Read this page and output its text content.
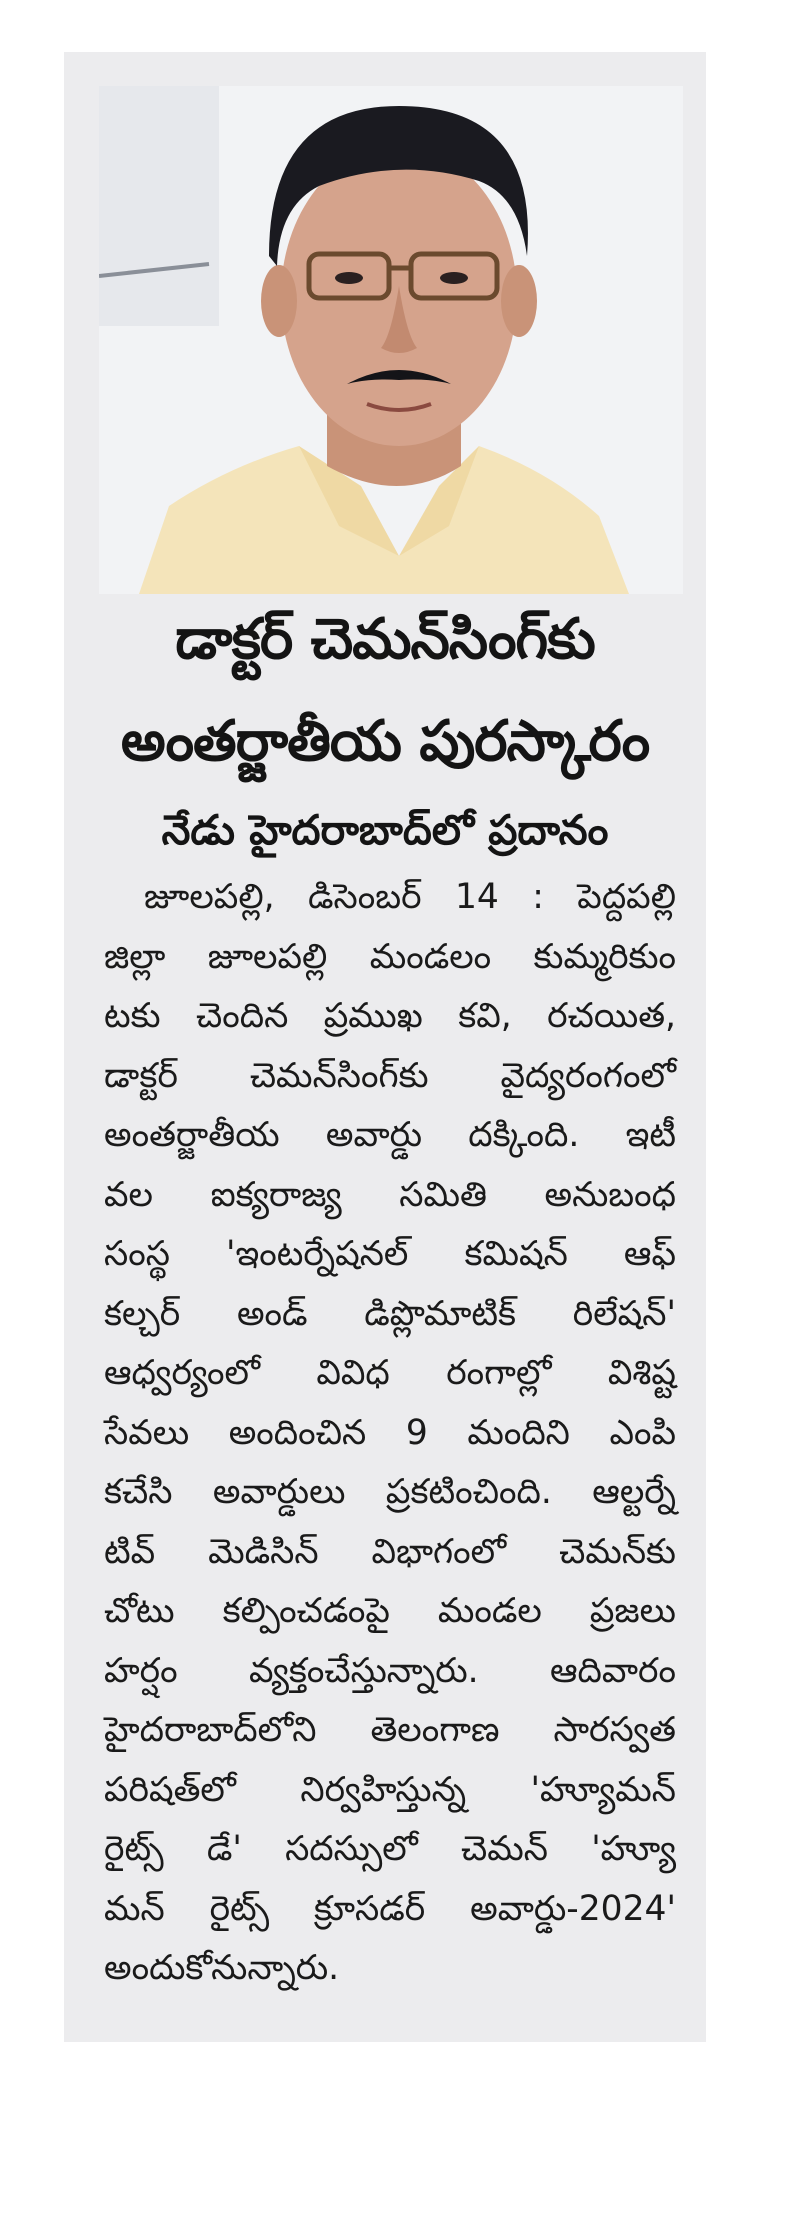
డాక్టర్ చెమన్‌సింగ్‌కు
అంతర్జాతీయ పురస్కారం
నేడు హైదరాబాద్‌లో ప్రదానం
జూలపల్లి, డిసెంబర్ 14 : పెద్దపల్లి
జిల్లా జూలపల్లి మండలం కుమ్మరికుం
టకు చెందిన ప్రముఖ కవి, రచయిత,
డాక్టర్ చెమన్‌సింగ్‌కు వైద్యరంగంలో
అంతర్జాతీయ అవార్డు దక్కింది. ఇటీ
వల ఐక్యరాజ్య సమితి అనుబంధ
సంస్థ 'ఇంటర్నేషనల్ కమిషన్ ఆఫ్
కల్చర్ అండ్ డిప్లొమాటిక్ రిలేషన్'
ఆధ్వర్యంలో వివిధ రంగాల్లో విశిష్ట
సేవలు అందించిన 9 మందిని ఎంపి
కచేసి అవార్డులు ప్రకటించింది. ఆల్టర్నే
టివ్ మెడిసిన్ విభాగంలో చెమన్‌కు
చోటు కల్పించడంపై మండల ప్రజలు
హర్షం వ్యక్తంచేస్తున్నారు. ఆదివారం
హైదరాబాద్‌లోని తెలంగాణ సారస్వత
పరిషత్‌లో నిర్వహిస్తున్న 'హ్యూమన్
రైట్స్ డే' సదస్సులో చెమన్ 'హ్యూ
మన్ రైట్స్ క్రూసడర్ అవార్డు-2024'
అందుకోనున్నారు.
